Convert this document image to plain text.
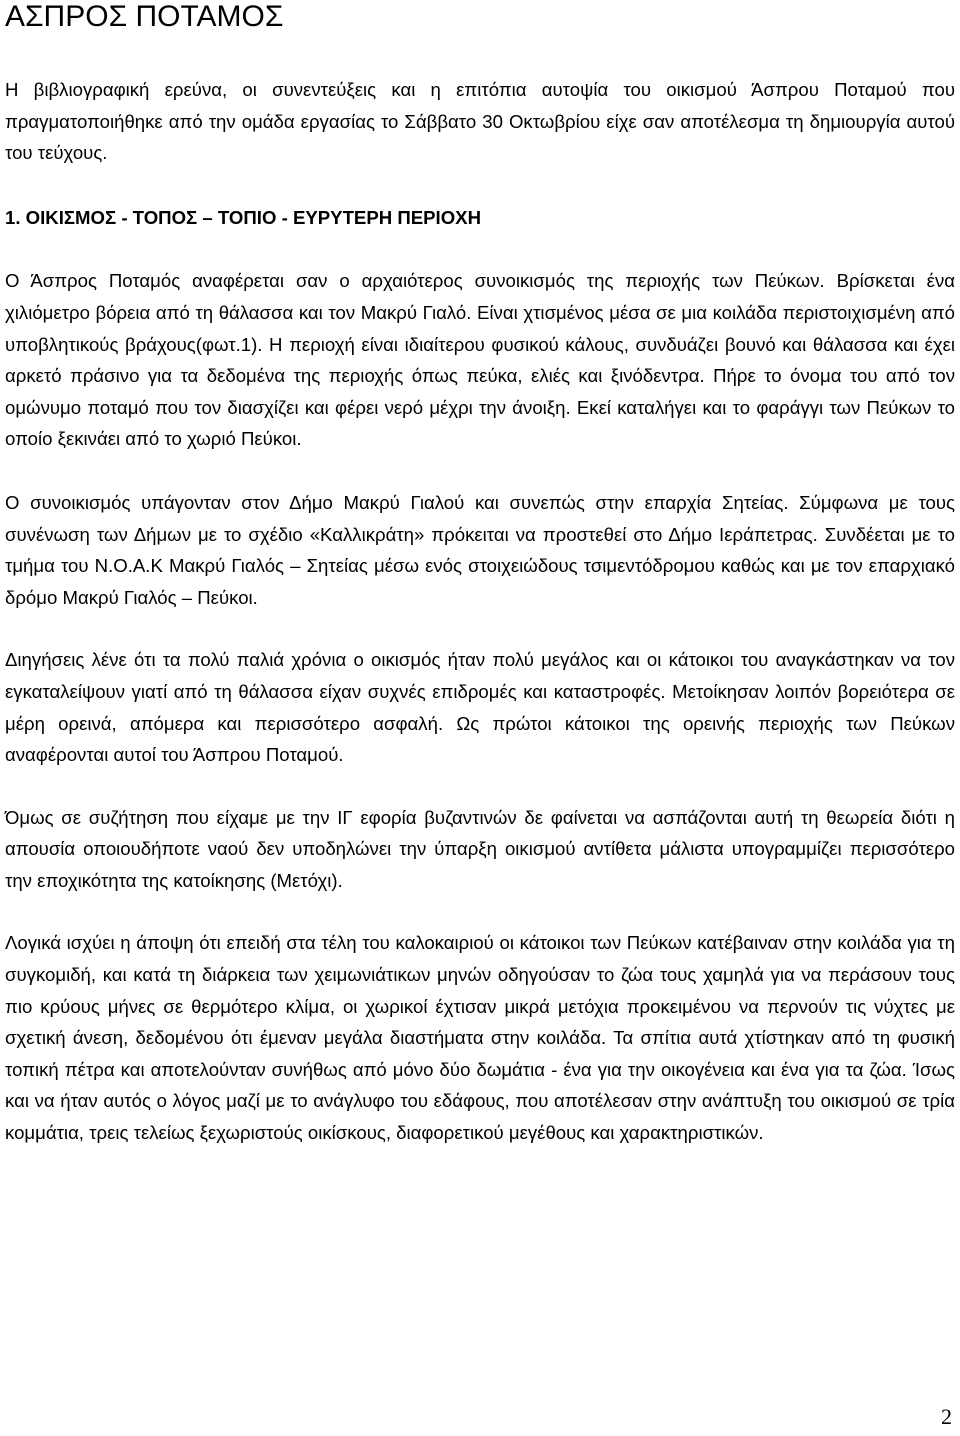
ΑΣΠΡΟΣ ΠΟΤΑΜΟΣ

Η βιβλιογραφική ερεύνα, οι συνεντεύξεις και η επιτόπια αυτοψία του οικισμού Άσπρου Ποταμού που πραγματοποιήθηκε από την ομάδα εργασίας το Σάββατο 30 Οκτωβρίου είχε σαν αποτέλεσμα τη δημιουργία αυτού του τεύχους.

1. ΟΙΚΙΣΜΟΣ - ΤΟΠΟΣ – ΤΟΠΙΟ - ΕΥΡΥΤΕΡΗ ΠΕΡΙΟΧΗ

Ο Άσπρος Ποταμός αναφέρεται σαν ο αρχαιότερος συνοικισμός της περιοχής των Πεύκων. Βρίσκεται ένα χιλιόμετρο βόρεια από τη θάλασσα και τον Μακρύ Γιαλό. Είναι χτισμένος μέσα σε μια κοιλάδα περιστοιχισμένη από υποβλητικούς βράχους(φωτ.1). Η περιοχή είναι ιδιαίτερου φυσικού κάλους, συνδυάζει βουνό και θάλασσα και έχει αρκετό πράσινο για τα δεδομένα της περιοχής όπως πεύκα, ελιές και ξινόδεντρα. Πήρε το όνομα του από τον ομώνυμο ποταμό που τον διασχίζει και φέρει νερό μέχρι την άνοιξη. Εκεί καταλήγει και το φαράγγι των Πεύκων το οποίο ξεκινάει από το χωριό Πεύκοι.

Ο συνοικισμός υπάγονταν στον Δήμο Μακρύ Γιαλού και συνεπώς στην επαρχία Σητείας. Σύμφωνα με τους συνένωση των Δήμων με το σχέδιο «Καλλικράτη» πρόκειται να προστεθεί στο Δήμο Ιεράπετρας. Συνδέεται με το τμήμα του Ν.Ο.Α.Κ Μακρύ Γιαλός – Σητείας μέσω ενός στοιχειώδους τσιμεντόδρομου καθώς και με τον επαρχιακό δρόμο Μακρύ Γιαλός – Πεύκοι.

Διηγήσεις λένε ότι τα πολύ παλιά χρόνια ο οικισμός ήταν πολύ μεγάλος και οι κάτοικοι του αναγκάστηκαν να τον εγκαταλείψουν γιατί από τη θάλασσα είχαν συχνές επιδρομές και καταστροφές. Μετοίκησαν λοιπόν βορειότερα σε μέρη ορεινά, απόμερα και περισσότερο ασφαλή. Ως πρώτοι κάτοικοι της ορεινής περιοχής των Πεύκων αναφέρονται αυτοί του Άσπρου Ποταμού.

Όμως σε συζήτηση που είχαμε με την ΙΓ εφορία βυζαντινών δε φαίνεται να ασπάζονται αυτή τη θεωρεία διότι η απουσία οποιουδήποτε ναού δεν υποδηλώνει την ύπαρξη οικισμού αντίθετα μάλιστα υπογραμμίζει περισσότερο την εποχικότητα της κατοίκησης (Μετόχι).

Λογικά ισχύει η άποψη ότι επειδή στα τέλη του καλοκαιριού οι κάτοικοι των Πεύκων κατέβαιναν στην κοιλάδα για τη συγκομιδή, και κατά τη διάρκεια των χειμωνιάτικων μηνών οδηγούσαν το ζώα τους χαμηλά για να περάσουν τους πιο κρύους μήνες σε θερμότερο κλίμα, οι χωρικοί έχτισαν μικρά μετόχια προκειμένου να περνούν τις νύχτες με σχετική άνεση, δεδομένου ότι έμεναν μεγάλα διαστήματα στην κοιλάδα. Τα σπίτια αυτά χτίστηκαν από τη φυσική τοπική πέτρα και αποτελούνταν συνήθως από μόνο δύο δωμάτια - ένα για την οικογένεια και ένα για τα ζώα. Ίσως και να ήταν αυτός ο λόγος μαζί με το ανάγλυφο του εδάφους, που αποτέλεσαν στην ανάπτυξη του οικισμού σε τρία κομμάτια, τρεις τελείως ξεχωριστούς οικίσκους, διαφορετικού μεγέθους και χαρακτηριστικών.

2
